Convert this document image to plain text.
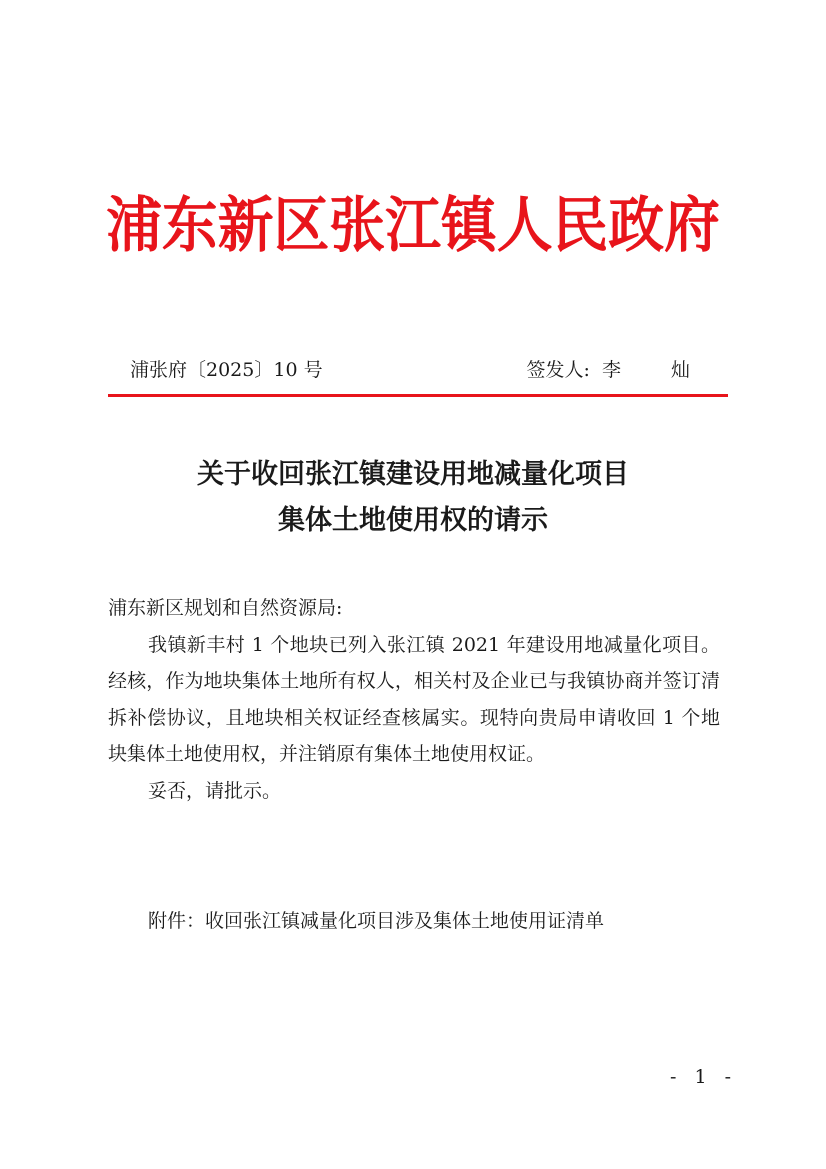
浦东新区张江镇人民政府
浦张府〔2025〕10 号	签发人: 李 灿
关于收回张江镇建设用地减量化项目
集体土地使用权的请示

浦东新区规划和自然资源局:

我镇新丰村 1 个地块已列入张江镇 2021 年建设用地减量化项目。经核，作为地块集体土地所有权人，相关村及企业已与我镇协商并签订清拆补偿协议，且地块相关权证经查核属实。现特向贵局申请收回 1 个地块集体土地使用权，并注销原有集体土地使用权证。

妥否，请批示。

附件：收回张江镇减量化项目涉及集体土地使用证清单
- 1 -
